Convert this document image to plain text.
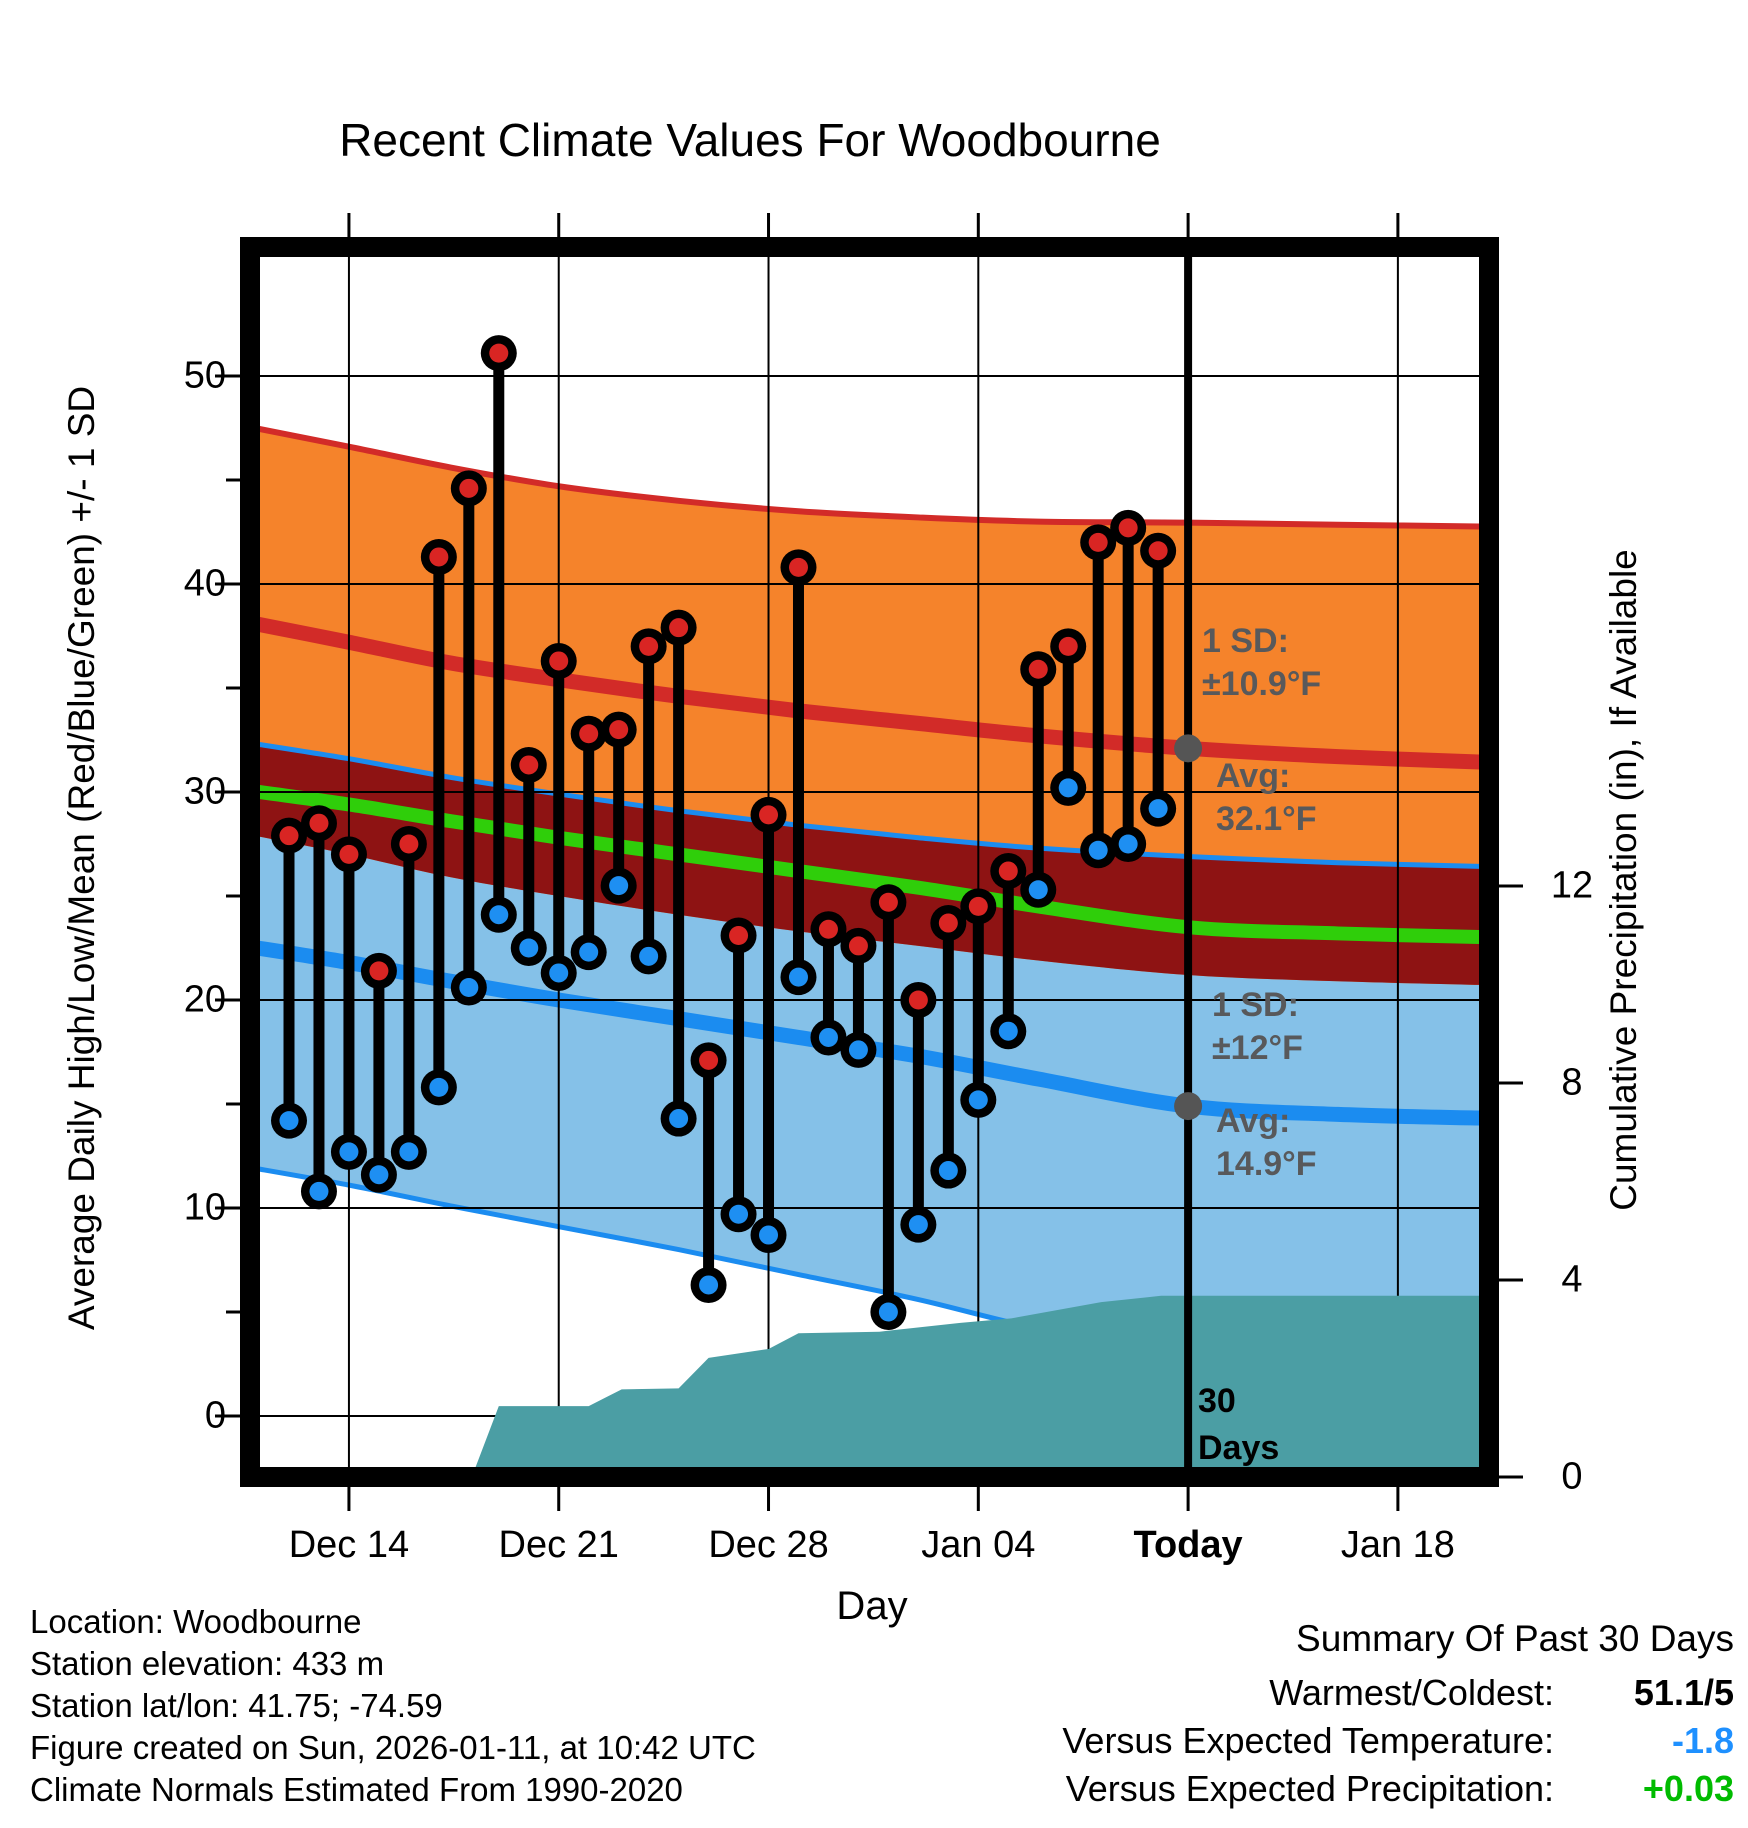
Recent Climate Values For Woodbourne
Average Daily High/Low/Mean (Red/Blue/Green) +/- 1 SD	Cumulative Precipitation (in), If Available
Day
1 SD:
±10.9°F
Avg:
32.1°F
1 SD:
±12°F
Avg:
14.9°F
30
Days
Location: Woodbourne
Station elevation: 433 m
Station lat/lon: 41.75; -74.59
Figure created on Sun, 2026-01-11, at 10:42 UTC
Climate Normals Estimated From 1990-2020
Summary Of Past 30 Days
Warmest/Coldest:	51.1/5
Versus Expected Temperature:	-1.8
Versus Expected Precipitation:	+0.03
Dec 14 Dec 21 Dec 28 Jan 04	Today	Jan 18
0
10
20
30
40
50
0
4
8
12
